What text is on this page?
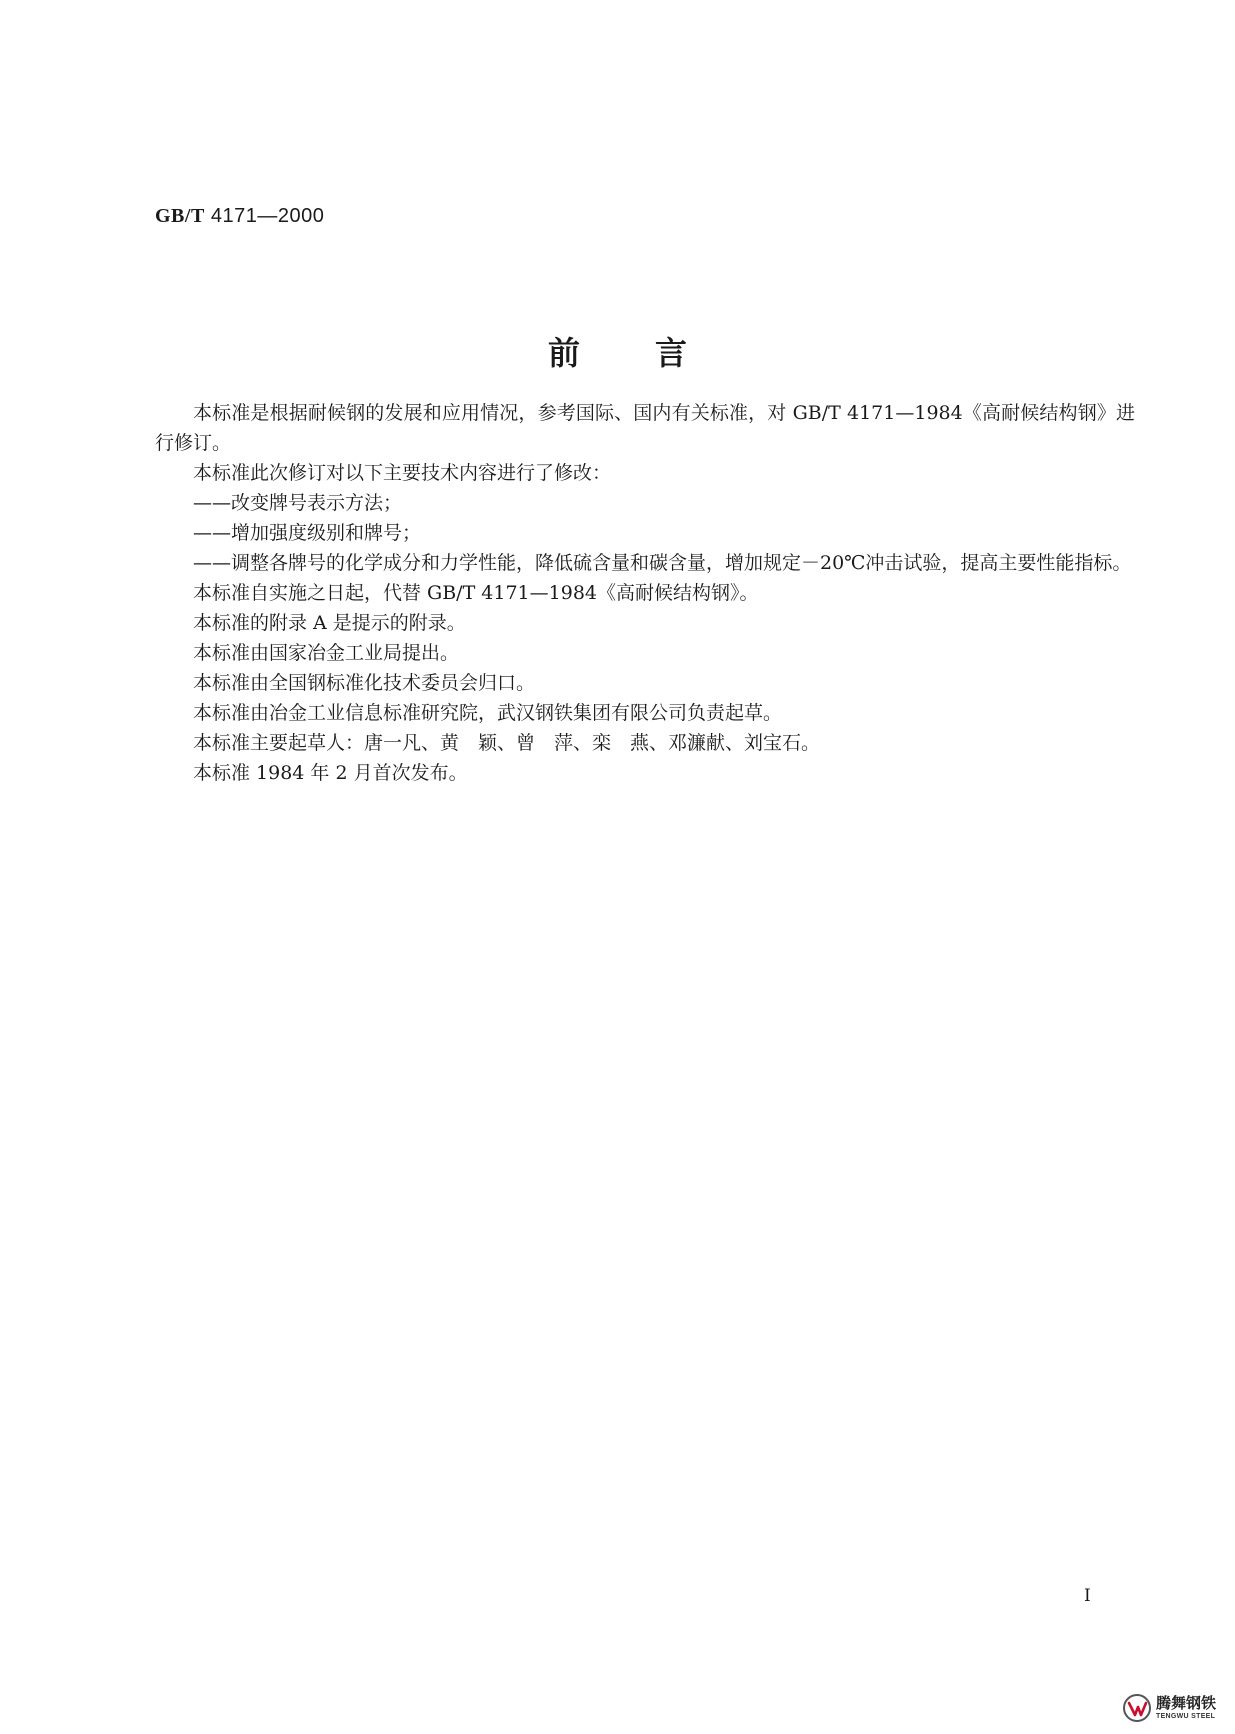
GB/T 4171—2000
前言

本标准是根据耐候钢的发展和应用情况，参考国际、国内有关标准，对 GB/T 4171—1984《高耐候结构钢》进行修订。

本标准此次修订对以下主要技术内容进行了修改：

——改变牌号表示方法；

——增加强度级别和牌号；

——调整各牌号的化学成分和力学性能，降低硫含量和碳含量，增加规定－20℃冲击试验，提高主要性能指标。

本标准自实施之日起，代替 GB/T 4171—1984《高耐候结构钢》。

本标准的附录 A 是提示的附录。

本标准由国家冶金工业局提出。

本标准由全国钢标准化技术委员会归口。

本标准由冶金工业信息标准研究院，武汉钢铁集团有限公司负责起草。

本标准主要起草人：唐一凡、黄　颖、曾　萍、栾　燕、邓濂献、刘宝石。

本标准 1984 年 2 月首次发布。

I
腾舞钢铁
TENGWU STEEL
